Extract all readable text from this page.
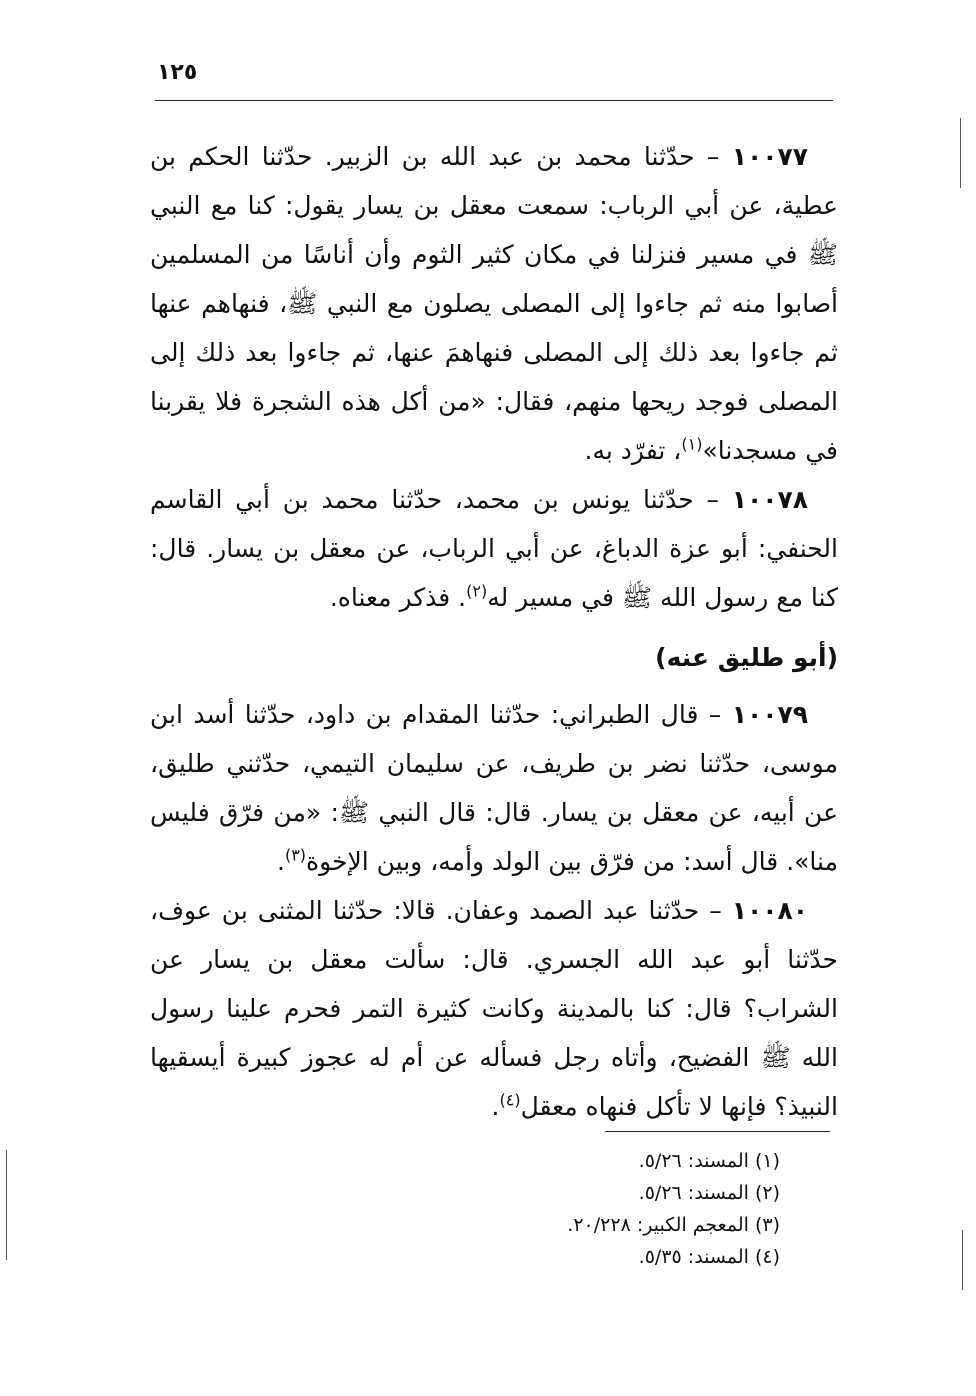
١٢٥

١٠٠٧٧ – حدّثنا محمد بن عبد الله بن الزبير. حدّثنا الحكم بن عطية، عن أبي الرباب: سمعت معقل بن يسار يقول: كنا مع النبي ﷺ في مسير فنزلنا في مكان كثير الثوم وأن أناسًا من المسلمين أصابوا منه ثم جاءوا إلى المصلى يصلون مع النبي ﷺ، فنهاهم عنها ثم جاءوا بعد ذلك إلى المصلى فنهاهمَ عنها، ثم جاءوا بعد ذلك إلى المصلى فوجد ريحها منهم، فقال: «من أكل هذه الشجرة فلا يقربنا في مسجدنا»$^{(١)}$، تفرّد به.

١٠٠٧٨ – حدّثنا يونس بن محمد، حدّثنا محمد بن أبي القاسم الحنفي: أبو عزة الدباغ، عن أبي الرباب، عن معقل بن يسار. قال: كنا مع رسول الله ﷺ في مسير له$^{(٢)}$. فذكر معناه.

(أبو طليق عنه)

١٠٠٧٩ – قال الطبراني: حدّثنا المقدام بن داود، حدّثنا أسد ابن موسى، حدّثنا نضر بن طريف، عن سليمان التيمي، حدّثني طليق، عن أبيه، عن معقل بن يسار. قال: قال النبي ﷺ: «من فرّق فليس منا». قال أسد: من فرّق بين الولد وأمه، وبين الإخوة$^{(٣)}$.

١٠٠٨٠ – حدّثنا عبد الصمد وعفان. قالا: حدّثنا المثنى بن عوف، حدّثنا أبو عبد الله الجسري. قال: سألت معقل بن يسار عن الشراب؟ قال: كنا بالمدينة وكانت كثيرة التمر فحرم علينا رسول الله ﷺ الفضيح، وأتاه رجل فسأله عن أم له عجوز كبيرة أيسقيها النبيذ؟ فإنها لا تأكل فنهاه معقل$^{(٤)}$.

(١) المسند: ٥/٢٦.
(٢) المسند: ٥/٢٦.
(٣) المعجم الكبير: ٢٠/٢٢٨.
(٤) المسند: ٥/٣٥.
